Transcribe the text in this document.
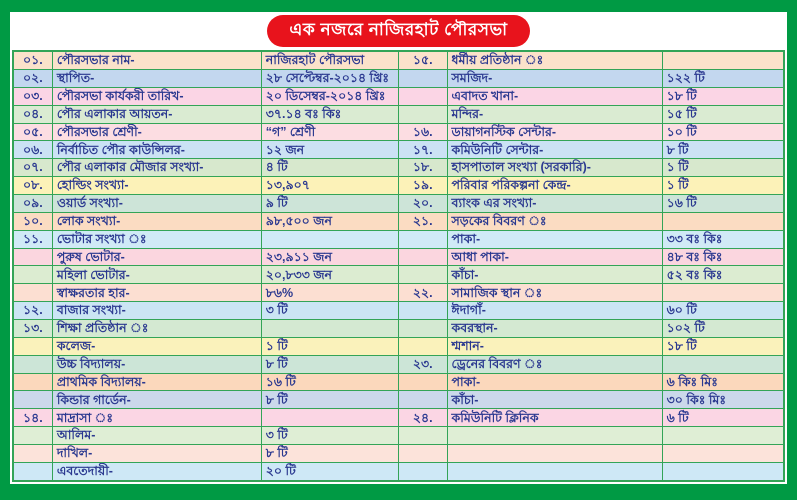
এক নজরে নাজিরহাট পৌরসভা
০১.	পৌরসভার নাম-	নাজিরহাট পৌরসভা	১৫.	ধর্মীয় প্রতিষ্ঠান ঃ	
০২.	স্থাপিত-	২৮ সেপ্টেম্বর-২০১৪ খ্রিঃ		সমজিদ-	১২২ টি
০৩.	পৌরসভা কার্যকরী তারিখ-	২০ ডিসেম্বর-২০১৪ খ্রিঃ		এবাদত খানা-	১৮ টি
০৪.	পৌর এলাকার আয়তন-	৩৭.১৪ বঃ কিঃ		মন্দির-	১৫ টি
০৫.	পৌরসভার শ্রেণী-	“গ” শ্রেণী	১৬.	ডায়াগনস্টিক সেন্টার-	১০ টি
০৬.	নির্বাচিত পৌর কাউন্সিলর-	১২ জন	১৭.	কমিউনিটি সেন্টার-	৮ টি
০৭.	পৌর এলাকার মৌজার সংখ্যা-	৪ টি	১৮.	হাসপাতাল সংখ্যা (সরকারি)-	১ টি
০৮.	হোল্ডিং সংখ্যা-	১৩,৯০৭	১৯.	পরিবার পরিকল্পনা কেন্দ্র-	১ টি
০৯.	ওয়ার্ড সংখ্যা-	৯ টি	২০.	ব্যাংক এর সংখ্যা-	১৬ টি
১০.	লোক সংখ্যা-	৯৮,৫০০ জন	২১.	সড়কের বিবরণ ঃ	
১১.	ভোটার সংখ্যা ঃ			পাকা-	৩৩ বঃ কিঃ
	পুরুষ ভোটার-	২৩,৯১১ জন		আধা পাকা-	৪৮ বঃ কিঃ
	মহিলা ভোটার-	২০,৮৩৩ জন		কাঁচা-	৫২ বঃ কিঃ
	স্বাক্ষরতার হার-	৮৬%	২২.	সামাজিক স্থান ঃ	
১২.	বাজার সংখ্যা-	৩ টি		ঈদাগাঁ-	৬০ টি
১৩.	শিক্ষা প্রতিষ্ঠান ঃ			কবরস্থান-	১০২ টি
	কলেজ-	১ টি		শ্মশান-	১৮ টি
	উচ্চ বিদ্যালয়-	৮ টি	২৩.	ড্রেনের বিবরণ ঃ	
	প্রাথমিক বিদ্যালয়-	১৬ টি		পাকা-	৬ কিঃ মিঃ
	কিন্ডার গার্ডেন-	৮ টি		কাঁচা-	৩০ কিঃ মিঃ
১৪.	মাদ্রাসা ঃ		২৪.	কমিউনিটি ক্লিনিক	৬ টি
	আলিম-	৩ টি			
	দাখিল-	৮ টি			
	এবতেদায়ী-	২০ টি			
